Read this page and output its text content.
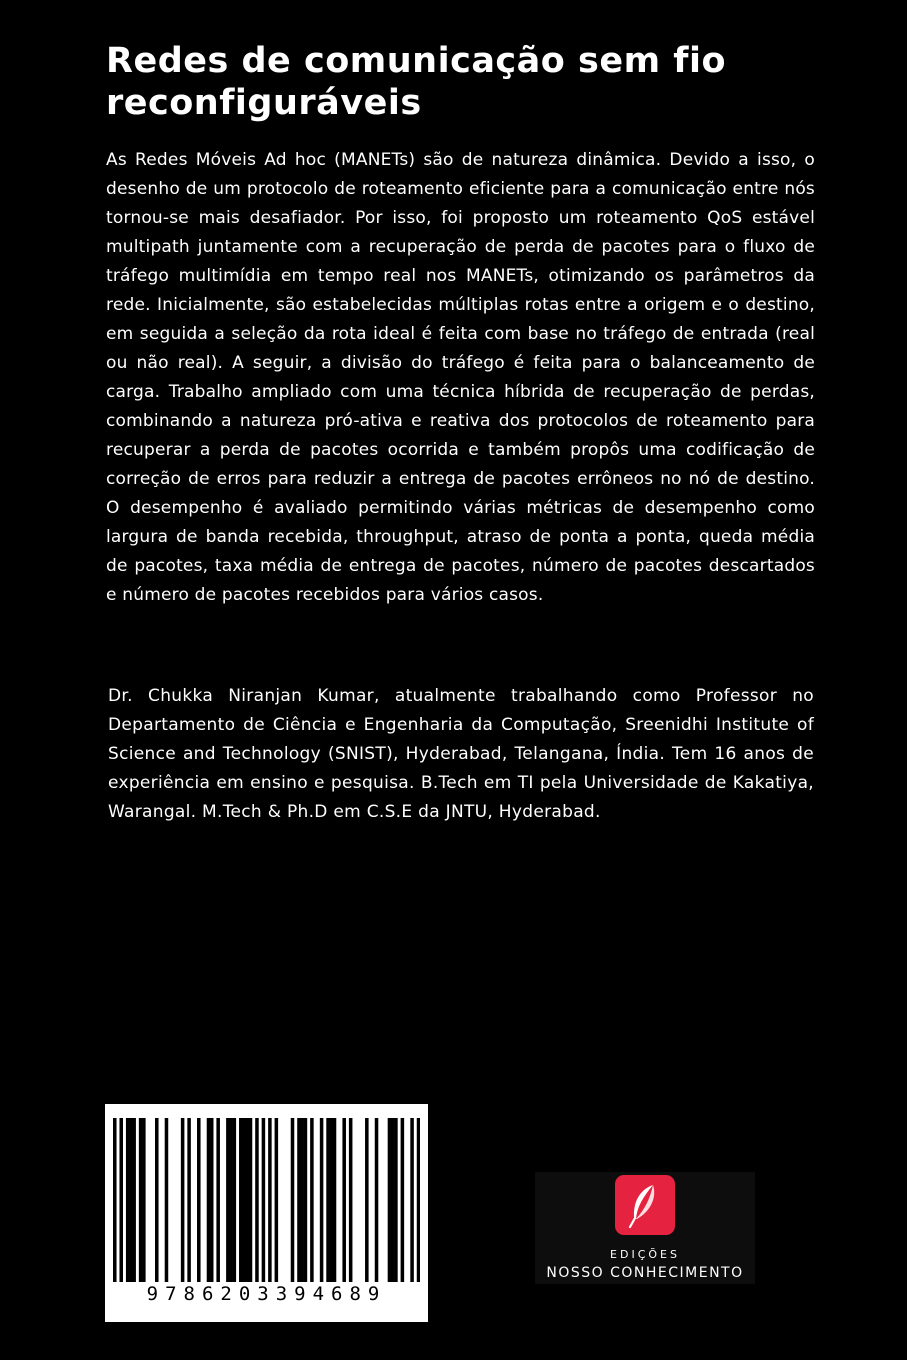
Redes de comunicação sem fio reconfiguráveis

As Redes Móveis Ad hoc (MANETs) são de natureza dinâmica. Devido a isso, o desenho de um protocolo de roteamento eficiente para a comunicação entre nós tornou-se mais desafiador. Por isso, foi proposto um roteamento QoS estável multipath juntamente com a recuperação de perda de pacotes para o fluxo de tráfego multimídia em tempo real nos MANETs, otimizando os parâmetros da rede. Inicialmente, são estabelecidas múltiplas rotas entre a origem e o destino, em seguida a seleção da rota ideal é feita com base no tráfego de entrada (real ou não real). A seguir, a divisão do tráfego é feita para o balanceamento de carga. Trabalho ampliado com uma técnica híbrida de recuperação de perdas, combinando a natureza pró-ativa e reativa dos protocolos de roteamento para recuperar a perda de pacotes ocorrida e também propôs uma codificação de correção de erros para reduzir a entrega de pacotes errôneos no nó de destino. O desempenho é avaliado permitindo várias métricas de desempenho como largura de banda recebida, throughput, atraso de ponta a ponta, queda média de pacotes, taxa média de entrega de pacotes, número de pacotes descartados e número de pacotes recebidos para vários casos.

Dr. Chukka Niranjan Kumar, atualmente trabalhando como Professor no Departamento de Ciência e Engenharia da Computação, Sreenidhi Institute of Science and Technology (SNIST), Hyderabad, Telangana, Índia. Tem 16 anos de experiência em ensino e pesquisa. B.Tech em TI pela Universidade de Kakatiya, Warangal. M.Tech & Ph.D em C.S.E da JNTU, Hyderabad.

9786203394689
EDIÇÕES
NOSSO CONHECIMENTO
